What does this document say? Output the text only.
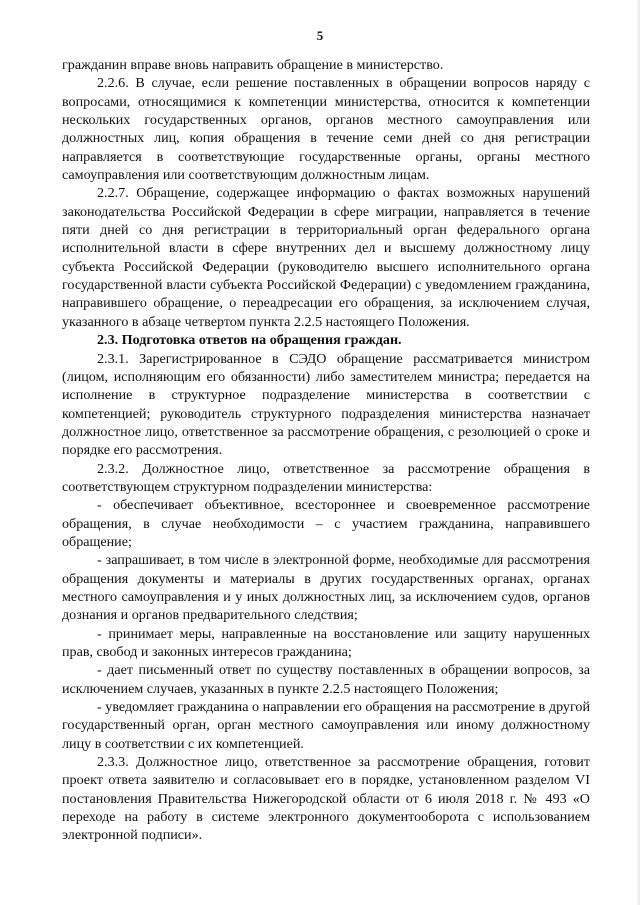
5

гражданин вправе вновь направить обращение в министерство.

2.2.6. В случае, если решение поставленных в обращении вопросов наряду с вопросами, относящимися к компетенции министерства, относится к компетенции нескольких государственных органов, органов местного самоуправления или должностных лиц, копия обращения в течение семи дней со дня регистрации направляется в соответствующие государственные органы, органы местного самоуправления или соответствующим должностным лицам.

2.2.7. Обращение, содержащее информацию о фактах возможных нарушений законодательства Российской Федерации в сфере миграции, направляется в течение пяти дней со дня регистрации в территориальный орган федерального органа исполнительной власти в сфере внутренних дел и высшему должностному лицу субъекта Российской Федерации (руководителю высшего исполнительного органа государственной власти субъекта Российской Федерации) с уведомлением гражданина, направившего обращение, о переадресации его обращения, за исключением случая, указанного в абзаце четвертом пункта 2.2.5 настоящего Положения.

2.3. Подготовка ответов на обращения граждан.

2.3.1. Зарегистрированное в СЭДО обращение рассматривается министром (лицом, исполняющим его обязанности) либо заместителем министра; передается на исполнение в структурное подразделение министерства в соответствии с компетенцией; руководитель структурного подразделения министерства назначает должностное лицо, ответственное за рассмотрение обращения, с резолюцией о сроке и порядке его рассмотрения.

2.3.2. Должностное лицо, ответственное за рассмотрение обращения в соответствующем структурном подразделении министерства:

- обеспечивает объективное, всестороннее и своевременное рассмотрение обращения, в случае необходимости – с участием гражданина, направившего обращение;

- запрашивает, в том числе в электронной форме, необходимые для рассмотрения обращения документы и материалы в других государственных органах, органах местного самоуправления и у иных должностных лиц, за исключением судов, органов дознания и органов предварительного следствия;

- принимает меры, направленные на восстановление или защиту нарушенных прав, свобод и законных интересов гражданина;

- дает письменный ответ по существу поставленных в обращении вопросов, за исключением случаев, указанных в пункте 2.2.5 настоящего Положения;

- уведомляет гражданина о направлении его обращения на рассмотрение в другой государственный орган, орган местного самоуправления или иному должностному лицу в соответствии с их компетенцией.

2.3.3. Должностное лицо, ответственное за рассмотрение обращения, готовит проект ответа заявителю и согласовывает его в порядке, установленном разделом VI постановления Правительства Нижегородской области от 6 июля 2018 г. № 493 «О переходе на работу в системе электронного документооборота с использованием электронной подписи».
